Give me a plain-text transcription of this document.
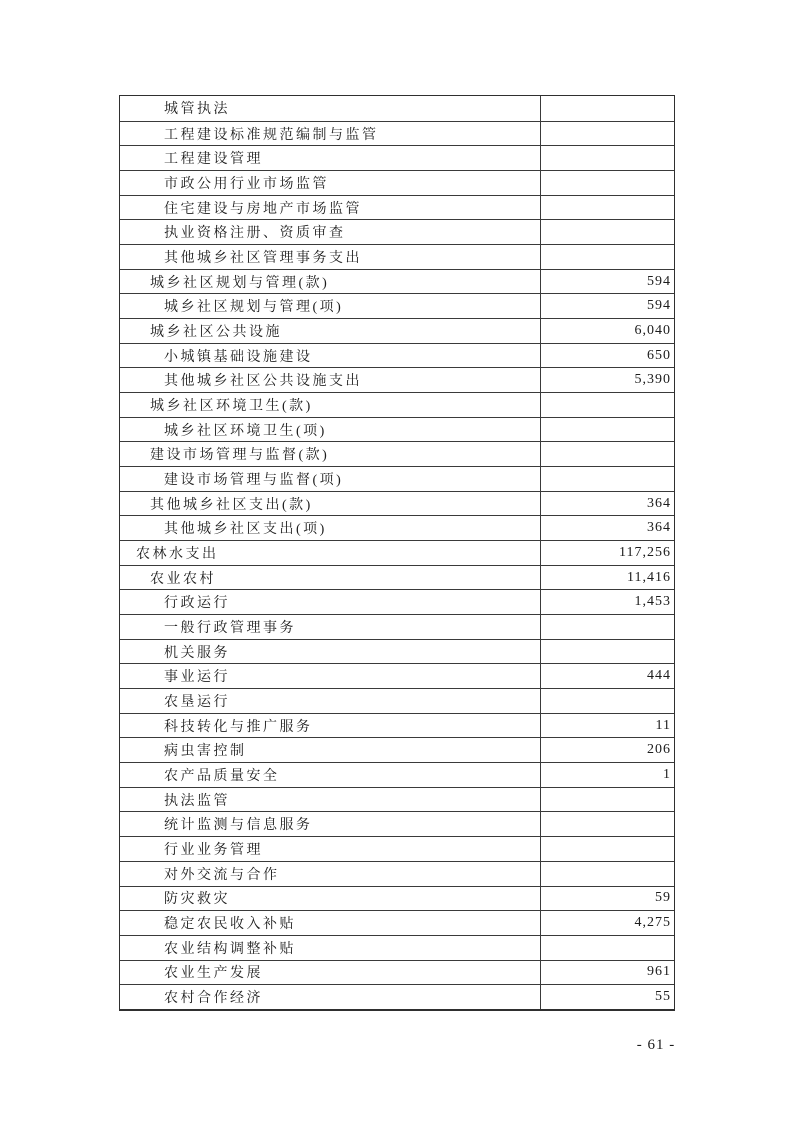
城管执法
工程建设标准规范编制与监管
工程建设管理
市政公用行业市场监管
住宅建设与房地产市场监管
执业资格注册、资质审查
其他城乡社区管理事务支出
城乡社区规划与管理(款)	594
城乡社区规划与管理(项)	594
城乡社区公共设施	6,040
小城镇基础设施建设	650
其他城乡社区公共设施支出	5,390
城乡社区环境卫生(款)
城乡社区环境卫生(项)
建设市场管理与监督(款)
建设市场管理与监督(项)
其他城乡社区支出(款)	364
其他城乡社区支出(项)	364
农林水支出	117,256
农业农村	11,416
行政运行	1,453
一般行政管理事务
机关服务
事业运行	444
农垦运行
科技转化与推广服务	11
病虫害控制	206
农产品质量安全	1
执法监管
统计监测与信息服务
行业业务管理
对外交流与合作
防灾救灾	59
稳定农民收入补贴	4,275
农业结构调整补贴
农业生产发展	961
农村合作经济	55
- 61 -
